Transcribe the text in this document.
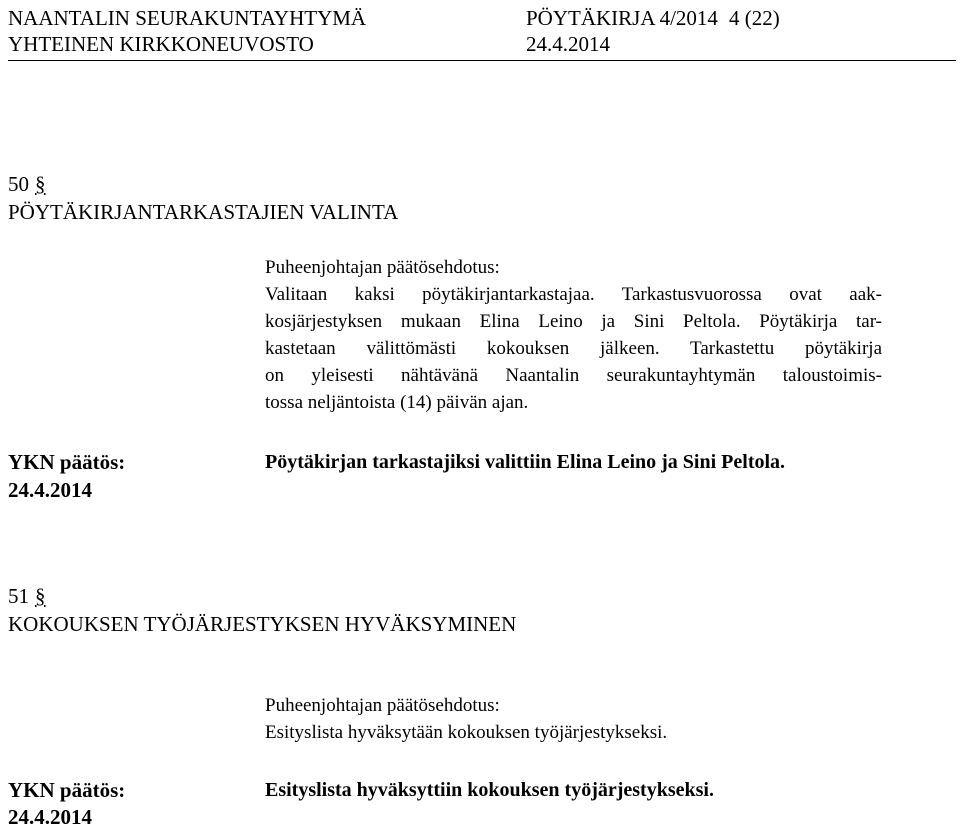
NAANTALIN SEURAKUNTAYHTYMÄ	PÖYTÄKIRJA 4/2014 4 (22)
YHTEINEN KIRKKONEUVOSTO	24.4.2014
50 §
PÖYTÄKIRJANTARKASTAJIEN VALINTA
Puheenjohtajan päätösehdotus:
Valitaan kaksi pöytäkirjantarkastajaa. Tarkastusvuorossa ovat aak-
kosjärjestyksen mukaan Elina Leino ja Sini Peltola. Pöytäkirja tar-
kastetaan välittömästi kokouksen jälkeen. Tarkastettu pöytäkirja
on yleisesti nähtävänä Naantalin seurakuntayhtymän taloustoimis-
tossa neljäntoista (14) päivän ajan.
YKN päätös:
24.4.2014
Pöytäkirjan tarkastajiksi valittiin Elina Leino ja Sini Peltola.
51 §
KOKOUKSEN TYÖJÄRJESTYKSEN HYVÄKSYMINEN
Puheenjohtajan päätösehdotus:
Esityslista hyväksytään kokouksen työjärjestykseksi.
YKN päätös:
24.4.2014
Esityslista hyväksyttiin kokouksen työjärjestykseksi.
